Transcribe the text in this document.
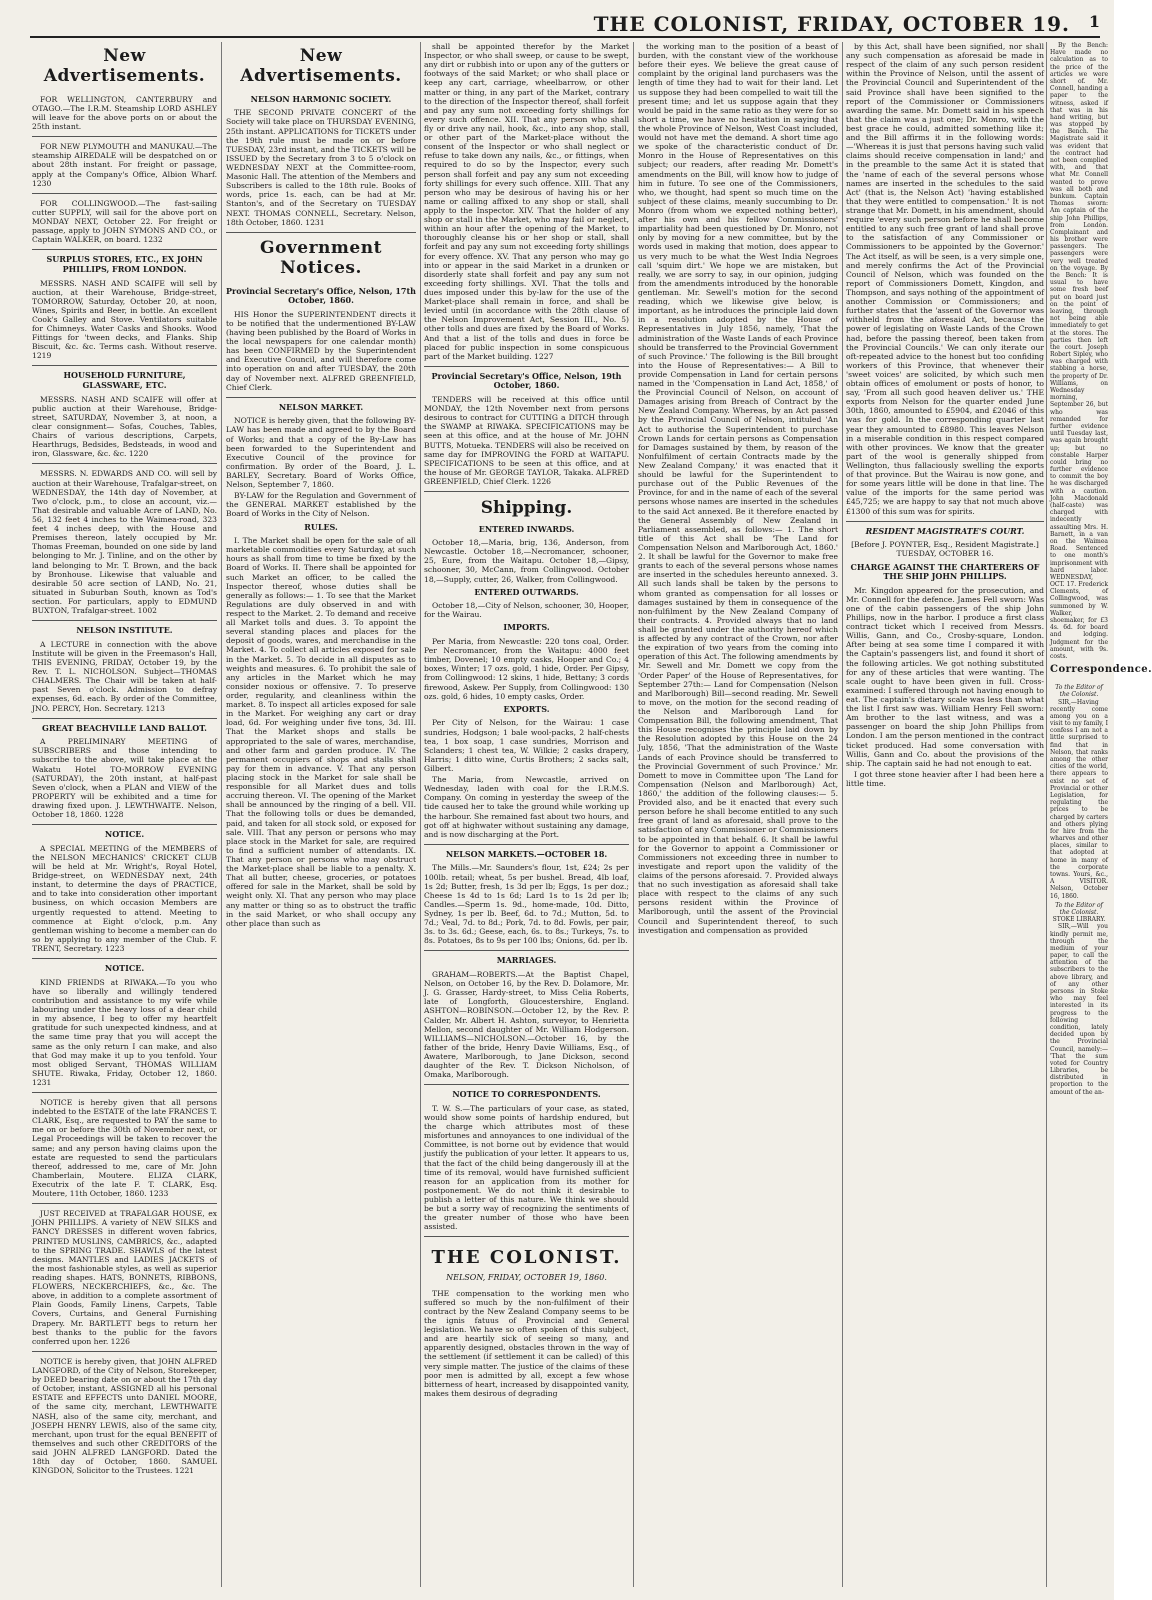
THE COLONIST, FRIDAY, OCTOBER 19. 1
New Advertisements.

FOR WELLINGTON, CANTERBURY and OTAGO.—The I.R.M. Steamship LORD ASHLEY will leave for the above ports on or about the 25th instant.

FOR NEW PLYMOUTH and MANUKAU.—The steamship AIREDALE will be despatched on or about 28th instant. For freight or passage, apply at the Company's Office, Albion Wharf. 1230

FOR COLLINGWOOD.—The fast-sailing cutter SUPPLY, will sail for the above port on MONDAY NEXT, October 22. For freight or passage, apply to JOHN SYMONS AND CO., or Captain WALKER, on board. 1232

SURPLUS STORES, ETC., EX JOHN PHILLIPS, FROM LONDON.

MESSRS. NASH AND SCAIFE will sell by auction, at their Warehouse, Bridge-street, TOMORROW, Saturday, October 20, at noon, Wines, Spirits and Beer, in bottle. An excellent Cook's Galley and Stove. Ventilators suitable for Chimneys. Water Casks and Shooks. Wood Fittings for 'tween decks, and Flanks. Ship Biscuit, &c. &c. Terms cash. Without reserve. 1219

HOUSEHOLD FURNITURE, GLASSWARE, ETC.

MESSRS. NASH AND SCAIFE will offer at public auction at their Warehouse, Bridge-street, SATURDAY, November 3, at noon, a clear consignment— Sofas, Couches, Tables, Chairs of various descriptions, Carpets, Hearthrugs, Bedsides, Bedsteads, in wood and iron, Glassware, &c. &c. 1220

MESSRS. N. EDWARDS AND CO. will sell by auction at their Warehouse, Trafalgar-street, on WEDNESDAY, the 14th day of November, at Two o'clock, p.m., to close an account, viz.— That desirable and valuable Acre of LAND, No. 56, 132 feet 4 inches to the Waimea-road, 323 feet 4 inches deep, with the House and Premises thereon, lately occupied by Mr. Thomas Freeman, bounded on one side by land belonging to Mr. J. Tinline, and on the other by land belonging to Mr. T. Brown, and the back by Bronhouse. Likewise that valuable and desirable 50 acre section of LAND, No. 21, situated in Suburban South, known as Tod's section. For particulars, apply to EDMUND BUXTON, Trafalgar-street. 1002

NELSON INSTITUTE.

A LECTURE in connection with the above Institute will be given in the Freemason's Hall, THIS EVENING, FRIDAY, October 19, by the Rev. T. L. NICHOLSON. Subject—THOMAS CHALMERS. The Chair will be taken at half-past Seven o'clock. Admission to defray expenses, 6d. each. By order of the Committee, JNO. PERCY, Hon. Secretary. 1213

GREAT BEACHVILLE LAND BALLOT.

A PRELIMINARY MEETING of SUBSCRIBERS and those intending to subscribe to the above, will take place at the Wakatu Hotel TO-MORROW EVENING (SATURDAY), the 20th instant, at half-past Seven o'clock, when a PLAN and VIEW of the PROPERTY will be exhibited and a time for drawing fixed upon. J. LEWTHWAITE. Nelson, October 18, 1860. 1228

NOTICE.

A SPECIAL MEETING of the MEMBERS of the NELSON MECHANICS' CRICKET CLUB will be held at Mr. Wright's, Royal Hotel, Bridge-street, on WEDNESDAY next, 24th instant, to determine the days of PRACTICE, and to take into consideration other important business, on which occasion Members are urgently requested to attend. Meeting to commence at Eight o'clock, p.m. Any gentleman wishing to become a member can do so by applying to any member of the Club. F. TRENT, Secretary. 1223

NOTICE.

KIND FRIENDS at RIWAKA.—To you who have so liberally and willingly tendered contribution and assistance to my wife while labouring under the heavy loss of a dear child in my absence, I beg to offer my heartfelt gratitude for such unexpected kindness, and at the same time pray that you will accept the same as the only return I can make, and also that God may make it up to you tenfold. Your most obliged Servant, THOMAS WILLIAM SHUTE. Riwaka, Friday, October 12, 1860. 1231

NOTICE is hereby given that all persons indebted to the ESTATE of the late FRANCES T. CLARK, Esq., are requested to PAY the same to me on or before the 30th of November next, or Legal Proceedings will be taken to recover the same; and any person having claims upon the estate are requested to send the particulars thereof, addressed to me, care of Mr. John Chamberlain, Moutere. ELIZA CLARK, Executrix of the late F. T. CLARK, Esq. Moutere, 11th October, 1860. 1233

JUST RECEIVED at TRAFALGAR HOUSE, ex JOHN PHILLIPS. A variety of NEW SILKS and FANCY DRESSES in different woven fabrics, PRINTED MUSLINS, CAMBRICS, &c., adapted to the SPRING TRADE. SHAWLS of the latest designs. MANTLES and LADIES JACKETS of the most fashionable styles, as well as superior reading shapes. HATS, BONNETS, RIBBONS, FLOWERS, NECKERCHIEFS, &c., &c. The above, in addition to a complete assortment of Plain Goods, Family Linens, Carpets, Table Covers, Curtains, and General Furnishing Drapery. Mr. BARTLETT begs to return her best thanks to the public for the favors conferred upon her. 1226

NOTICE is hereby given, that JOHN ALFRED LANGFORD, of the City of Nelson, Storekeeper, by DEED bearing date on or about the 17th day of October, instant, ASSIGNED all his personal ESTATE and EFFECTS unto DANIEL MOORE, of the same city, merchant, LEWTHWAITE NASH, also of the same city, merchant, and JOSEPH HENRY LEWIS, also of the same city, merchant, upon trust for the equal BENEFIT of themselves and such other CREDITORS of the said JOHN ALFRED LANGFORD. Dated the 18th day of October, 1860. SAMUEL KINGDON, Solicitor to the Trustees. 1221

New Advertisements.
NELSON HARMONIC SOCIETY.

THE SECOND PRIVATE CONCERT of the Society will take place on THURSDAY EVENING, 25th instant. APPLICATIONS for TICKETS under the 19th rule must be made on or before TUESDAY, 23rd instant, and the TICKETS will be ISSUED by the Secretary from 3 to 5 o'clock on WEDNESDAY NEXT at the Committee-room, Masonic Hall. The attention of the Members and Subscribers is called to the 18th rule. Books of words, price 1s. each, can be had at Mr. Stanton's, and of the Secretary on TUESDAY NEXT. THOMAS CONNELL, Secretary. Nelson, 18th October, 1860. 1231

Government Notices.
Provincial Secretary's Office, Nelson, 17th October, 1860.

HIS Honor the SUPERINTENDENT directs it to be notified that the undermentioned BY-LAW (having been published by the Board of Works in the local newspapers for one calendar month) has been CONFIRMED by the Superintendent and Executive Council, and will therefore come into operation on and after TUESDAY, the 20th day of November next. ALFRED GREENFIELD, Chief Clerk.

NELSON MARKET.

NOTICE is hereby given, that the following BY-LAW has been made and agreed to by the Board of Works; and that a copy of the By-Law has been forwarded to the Superintendent and Executive Council of the province for confirmation. By order of the Board, J. L. BARLEY, Secretary. Board of Works Office, Nelson, September 7, 1860.

BY-LAW for the Regulation and Government of the GENERAL MARKET established by the Board of Works in the City of Nelson.

RULES.

I. The Market shall be open for the sale of all marketable commodities every Saturday, at such hours as shall from time to time be fixed by the Board of Works. II. There shall be appointed for such Market an officer, to be called the Inspector thereof, whose duties shall be generally as follows:— 1. To see that the Market Regulations are duly observed in and with respect to the Market. 2. To demand and receive all Market tolls and dues. 3. To appoint the several standing places and places for the deposit of goods, wares, and merchandise in the Market. 4. To collect all articles exposed for sale in the Market. 5. To decide in all disputes as to weights and measures. 6. To prohibit the sale of any articles in the Market which he may consider noxious or offensive. 7. To preserve order, regularity, and cleanliness within the market. 8. To inspect all articles exposed for sale in the Market. For weighing any cart or dray load, 6d. For weighing under five tons, 3d. III. That the Market shops and stalls be appropriated to the sale of wares, merchandise, and other farm and garden produce. IV. The permanent occupiers of shops and stalls shall pay for them in advance. V. That any person placing stock in the Market for sale shall be responsible for all Market dues and tolls accruing thereon. VI. The opening of the Market shall be announced by the ringing of a bell. VII. That the following tolls or dues be demanded, paid, and taken for all stock sold, or exposed for sale. VIII. That any person or persons who may place stock in the Market for sale, are required to find a sufficient number of attendants. IX. That any person or persons who may obstruct the Market-place shall be liable to a penalty. X. That all butter, cheese, groceries, or potatoes offered for sale in the Market, shall be sold by weight only. XI. That any person who may place any matter or thing so as to obstruct the traffic in the said Market, or who shall occupy any other place than such as

shall be appointed therefor by the Market Inspector, or who shall sweep, or cause to be swept, any dirt or rubbish into or upon any of the gutters or footways of the said Market; or who shall place or keep any cart, carriage, wheelbarrow, or other matter or thing, in any part of the Market, contrary to the direction of the Inspector thereof, shall forfeit and pay any sum not exceeding forty shillings for every such offence. XII. That any person who shall fly or drive any nail, hook, &c., into any shop, stall, or other part of the Market-place without the consent of the Inspector or who shall neglect or refuse to take down any nails, &c., or fittings, when required to do so by the Inspector, every such person shall forfeit and pay any sum not exceeding forty shillings for every such offence. XIII. That any person who may be desirous of having his or her name or calling affixed to any shop or stall, shall apply to the Inspector. XIV. That the holder of any shop or stall in the Market, who may fail or neglect, within an hour after the opening of the Market, to thoroughly cleanse his or her shop or stall, shall forfeit and pay any sum not exceeding forty shillings for every offence. XV. That any person who may go into or appear in the said Market in a drunken or disorderly state shall forfeit and pay any sum not exceeding forty shillings. XVI. That the tolls and dues imposed under this by-law for the use of the Market-place shall remain in force, and shall be levied until (in accordance with the 28th clause of the Nelson Improvement Act, Session III., No. 5) other tolls and dues are fixed by the Board of Works. And that a list of the tolls and dues in force be placed for public inspection in some conspicuous part of the Market building. 1227

Provincial Secretary's Office, Nelson, 19th October, 1860.

TENDERS will be received at this office until MONDAY, the 12th November next from persons desirous to contract for CUTTING a DITCH through the SWAMP at RIWAKA. SPECIFICATIONS may be seen at this office, and at the house of Mr. JOHN BUTTS, Motueka. TENDERS will also be received on same day for IMPROVING the FORD at WAITAPU. SPECIFICATIONS to be seen at this office, and at the house of Mr. GEORGE TAYLOR, Takaka. ALFRED GREENFIELD, Chief Clerk. 1226

Shipping.
ENTERED INWARDS.

October 18,—Maria, brig, 136, Anderson, from Newcastle. October 18,—Necromancer, schooner, 25, Eure, from the Waitapu. October 18,—Gipsy, schooner, 30, McCann, from Collingwood. October 18,—Supply, cutter, 26, Walker, from Collingwood.

ENTERED OUTWARDS.

October 18,—City of Nelson, schooner, 30, Hooper, for the Wairau.

IMPORTS.

Per Maria, from Newcastle: 220 tons coal, Order. Per Necromancer, from the Waitapu: 4000 feet timber, Dovenel; 10 empty casks, Hooper and Co.; 4 boxes, Winter; 17 ozs. gold, 1 hide, Order. Per Gipsy, from Collingwood: 12 skins, 1 hide, Bettany; 3 cords firewood, Askew. Per Supply, from Collingwood: 130 ozs. gold, 6 hides, 10 empty casks, Order.

EXPORTS.

Per City of Nelson, for the Wairau: 1 case sundries, Hodgson; 1 bale wool-packs, 2 half-chests tea, 1 box soap, 1 case sundries, Morrison and Sclanders; 1 chest tea, W. Wilkie; 2 casks drapery, Harris; 1 ditto wine, Curtis Brothers; 2 sacks salt, Gilbert.

The Maria, from Newcastle, arrived on Wednesday, laden with coal for the I.R.M.S. Company. On coming in yesterday the sweep of the tide caused her to take the ground while working up the harbour. She remained fast about two hours, and got off at highwater without sustaining any damage, and is now discharging at the Port.

NELSON MARKETS.—OCTOBER 18.

The Mills.—Mr. Saunders's flour, 1st, £24; 2s per 100lb. retail; wheat, 5s per bushel. Bread, 4lb loaf, 1s 2d; Butter, fresh, 1s 3d per lb; Eggs, 1s per doz.; Cheese 1s 4d to 1s 6d; Lard 1s to 1s 2d per lb; Candles.—Sperm 1s. 9d., home-made, 10d. Ditto, Sydney, 1s per lb. Beef, 6d. to 7d.; Mutton, 5d. to 7d.; Veal, 7d. to 8d.; Pork, 7d. to 8d. Fowls, per pair, 3s. to 3s. 6d.; Geese, each, 6s. to 8s.; Turkeys, 7s. to 8s. Potatoes, 8s to 9s per 100 lbs; Onions, 6d. per lb.

MARRIAGES.

GRAHAM—ROBERTS.—At the Baptist Chapel, Nelson, on October 16, by the Rev. D. Dolamore, Mr. J. G. Grasser, Hardy-street, to Miss Celia Roberts, late of Longforth, Gloucestershire, England. ASHTON—ROBINSON.—October 12, by the Rev. P. Calder, Mr. Albert H. Ashton, surveyor, to Henrietta Mellon, second daughter of Mr. William Hodgerson. WILLIAMS—NICHOLSON.—October 16, by the father of the bride, Henry Davie Williams, Esq., of Awatere, Marlborough, to Jane Dickson, second daughter of the Rev. T. Dickson Nicholson, of Omaka, Marlborough.

NOTICE TO CORRESPONDENTS.

T. W. S.—The particulars of your case, as stated, would show some points of hardship endured, but the charge which attributes most of these misfortunes and annoyances to one individual of the Committee, is not borne out by evidence that would justify the publication of your letter. It appears to us, that the fact of the child being dangerously ill at the time of its removal, would have furnished sufficient reason for an application from its mother for postponement. We do not think it desirable to publish a letter of this nature. We think we should be but a sorry way of recognizing the sentiments of the greater number of those who have been assisted.

THE COLONIST.
NELSON, FRIDAY, OCTOBER 19, 1860.

THE compensation to the working men who suffered so much by the non-fulfilment of their contract by the New Zealand Company seems to be the ignis fatuus of Provincial and General legislation. We have so often spoken of this subject, and are heartily sick of seeing so many, and apparently designed, obstacles thrown in the way of the settlement (if settlement it can be called) of this very simple matter. The justice of the claims of these poor men is admitted by all, except a few whose bitterness of heart, increased by disappointed vanity, makes them desirous of degrading

the working man to the position of a beast of burden, with the constant view of the workhouse before their eyes. We believe the great cause of complaint by the original land purchasers was the length of time they had to wait for their land. Let us suppose they had been compelled to wait till the present time; and let us suppose again that they would be paid in the same ratio as they were for so short a time, we have no hesitation in saying that the whole Province of Nelson, West Coast included, would not have met the demand. A short time ago we spoke of the characteristic conduct of Dr. Monro in the House of Representatives on this subject; our readers, after reading Mr. Domett's amendments on the Bill, will know how to judge of him in future. To see one of the Commissioners, who, we thought, had spent so much time on the subject of these claims, meanly succumbing to Dr. Monro (from whom we expected nothing better), after his own and his fellow Commissioners' impartiality had been questioned by Dr. Monro, not only by moving for a new committee, but by the words used in making that motion, does appear to us very much to be what the West India Negroes call 'squim dirt.' We hope we are mistaken, but really, we are sorry to say, in our opinion, judging from the amendments introduced by the honorable gentleman. Mr. Sewell's motion for the second reading, which we likewise give below, is important, as he introduces the principle laid down in a resolution adopted by the House of Representatives in July 1856, namely, 'That the administration of the Waste Lands of each Province should be transferred to the Provincial Government of such Province.' The following is the Bill brought into the House of Representatives:— A Bill to provide Compensation in Land for certain persons named in the 'Compensation in Land Act, 1858,' of the Provincial Council of Nelson, on account of Damages arising from Breach of Contract by the New Zealand Company. Whereas, by an Act passed by the Provincial Council of Nelson, intituled 'An Act to authorise the Superintendent to purchase Crown Lands for certain persons as Compensation for Damages sustained by them, by reason of the Nonfulfilment of certain Contracts made by the New Zealand Company,' it was enacted that it should be lawful for the Superintendent to purchase out of the Public Revenues of the Province, for and in the name of each of the several persons whose names are inserted in the schedules to the said Act annexed. Be it therefore enacted by the General Assembly of New Zealand in Parliament assembled, as follows:— 1. The short title of this Act shall be 'The Land for Compensation Nelson and Marlborough Act, 1860.' 2. It shall be lawful for the Governor to make free grants to each of the several persons whose names are inserted in the schedules hereunto annexed. 3. All such lands shall be taken by the persons to whom granted as compensation for all losses or damages sustained by them in consequence of the non-fulfilment by the New Zealand Company of their contracts. 4. Provided always that no land shall be granted under the authority hereof which is affected by any contract of the Crown, nor after the expiration of two years from the coming into operation of this Act. The following amendments by Mr. Sewell and Mr. Domett we copy from the 'Order Paper' of the House of Representatives, for September 27th:— Land for Compensation (Nelson and Marlborough) Bill—second reading. Mr. Sewell to move, on the motion for the second reading of the Nelson and Marlborough Land for Compensation Bill, the following amendment, That this House recognises the principle laid down by the Resolution adopted by this House on the 24 July, 1856, 'That the administration of the Waste Lands of each Province should be transferred to the Provincial Government of such Province.' Mr. Domett to move in Committee upon 'The Land for Compensation (Nelson and Marlborough) Act, 1860,' the addition of the following clauses:— 5. Provided also, and be it enacted that every such person before he shall become entitled to any such free grant of land as aforesaid, shall prove to the satisfaction of any Commissioner or Commissioners to be appointed in that behalf. 6. It shall be lawful for the Governor to appoint a Commissioner or Commissioners not exceeding three in number to investigate and report upon the validity of the claims of the persons aforesaid. 7. Provided always that no such investigation as aforesaid shall take place with respect to the claims of any such persons resident within the Province of Marlborough, until the assent of the Provincial Council and Superintendent thereof, to such investigation and compensation as provided

by this Act, shall have been signified, nor shall any such compensation as aforesaid be made in respect of the claim of any such person resident within the Province of Nelson, until the assent of the Provincial Council and Superintendent of the said Province shall have been signified to the report of the Commissioner or Commissioners awarding the same. Mr. Domett said in his speech that the claim was a just one; Dr. Monro, with the best grace he could, admitted something like it; and the Bill affirms it in the following words:—'Whereas it is just that persons having such valid claims should receive compensation in land;' and in the preamble to the same Act it is stated that the 'name of each of the several persons whose names are inserted in the schedules to the said Act' (that is, the Nelson Act) 'having established that they were entitled to compensation.' It is not strange that Mr. Domett, in his amendment, should require 'every such person before he shall become entitled to any such free grant of land shall prove to the satisfaction of any Commissioner or Commissioners to be appointed by the Governor.' The Act itself, as will be seen, is a very simple one, and merely confirms the Act of the Provincial Council of Nelson, which was founded on the report of Commissioners Domett, Kingdon, and Thompson, and says nothing of the appointment of another Commission or Commissioners; and further states that the 'assent of the Governor was withheld from the aforesaid Act, because the power of legislating on Waste Lands of the Crown had, before the passing thereof, been taken from the Provincial Councils.' We can only iterate our oft-repeated advice to the honest but too confiding workers of this Province, that whenever their 'sweet voices' are solicited, by which such men obtain offices of emolument or posts of honor, to say, 'From all such good heaven deliver us.' THE exports from Nelson for the quarter ended June 30th, 1860, amounted to £5904, and £2046 of this was for gold. In the corresponding quarter last year they amounted to £8980. This leaves Nelson in a miserable condition in this respect compared with other provinces. We know that the greater part of the wool is generally shipped from Wellington, thus fallaciously swelling the exports of that province. But the Wairau is now gone, and for some years little will be done in that line. The value of the imports for the same period was £45,725; we are happy to say that not much above £1300 of this sum was for spirits.

RESIDENT MAGISTRATE'S COURT.
[Before J. POYNTER, Esq., Resident Magistrate.] TUESDAY, OCTOBER 16.
CHARGE AGAINST THE CHARTERERS OF THE SHIP JOHN PHILLIPS.

Mr. Kingdon appeared for the prosecution, and Mr. Connell for the defence. James Fell sworn: Was one of the cabin passengers of the ship John Phillips, now in the harbor. I produce a first class contract ticket which I received from Messrs. Willis, Gann, and Co., Crosby-square, London. After being at sea some time I compared it with the Captain's passengers list, and found it short of the following articles. We got nothing substituted for any of these articles that were wanting. The scale ought to have been given in full. Cross-examined: I suffered through not having enough to eat. The captain's dietary scale was less than what the list I first saw was. William Henry Fell sworn: Am brother to the last witness, and was a passenger on board the ship John Phillips from London. I am the person mentioned in the contract ticket produced. Had some conversation with Willis, Gann and Co. about the provisions of the ship. The captain said he had not enough to eat.

I got three stone heavier after I had been here a little time.

By the Bench: Have made no calculation as to the price of the articles we were short of. Mr. Connell, handing a paper to the witness, asked if that was in his hand writing, but was stopped by the Bench. The Magistrate said it was evident that the contract had not been complied with, and that what Mr. Connell wanted to prove was all both and bunkum. Captain Thomas sworn: Am captain of the ship John Phillips, from London. Complainant and his brother were passengers. The passengers were very well treated on the voyage. By the Bench: It is usual to have some fresh beef put on board just on the point of leaving, through not being able immediately to get at the stores. The parties then left the court. Joseph Robert Sipley, who was charged with stabbing a horse, the property of Dr. Williams, on Wednesday morning, September 26, but who was remanded for further evidence until Tuesday last, was again brought up; but no constable Harper could bring no further evidence to commit the boy he was discharged with a caution. John Macdonald (half-caste) was charged with indecently assaulting Mrs. H. Barnett, in a van on the Waimea Road. Sentenced to one month's imprisonment with hard labor. WEDNESDAY, OCT. 17. Frederick Clements, of Collingwood, was summoned by W. Walker, shoemaker, for £3 4s. 6d. for board and lodging. Judgment for the amount, with 9s. costs.

Correspondence.
To the Editor of the Colonist.

SIR,—Having recently come among you on a visit to my family, I confess I am not a little surprised to find that in Nelson, that ranks among the other cities of the world, there appears to exist no set of Provincial or other Legislation, for regulating the prices to be charged by carters and others plying for hire from the wharves and other places, similar to that adopted at home in many of the corporate towns. Yours, &c., A VISITOR. Nelson, October 16, 1860.

To the Editor of the Colonist.
STOKE LIBRARY.

SIR,—Will you kindly permit me, through the medium of your paper, to call the attention of the subscribers to the above library, and of any other persons in Stoke who may feel interested in its progress to the following condition, lately decided upon by the Provincial Council, namely:— 'That the sum voted for Country Libraries, be distributed in proportion to the amount of the an-
